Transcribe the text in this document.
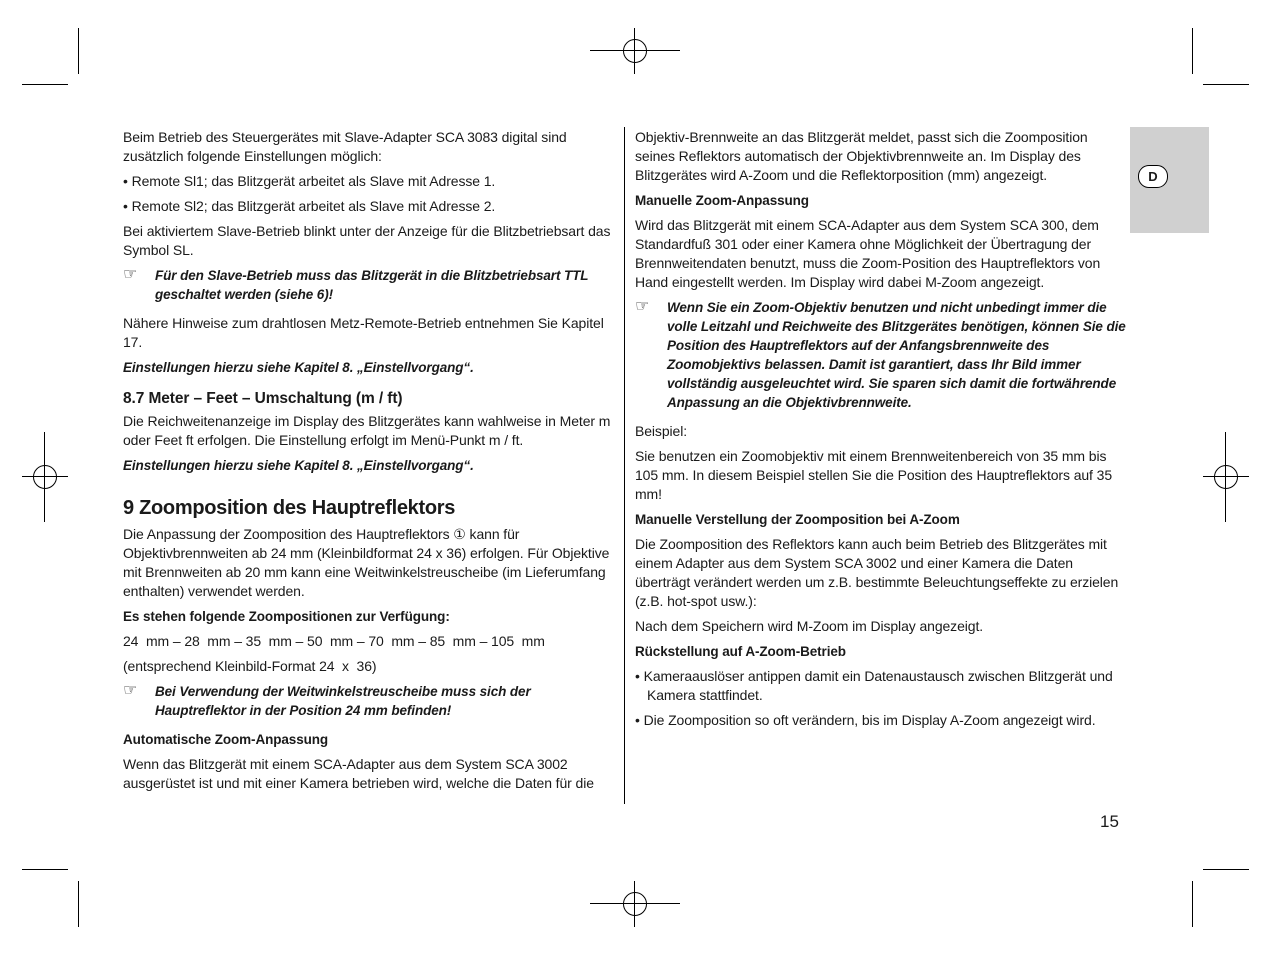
D

Beim Betrieb des Steuergerätes mit Slave-Adapter SCA 3083 digital sind zusätzlich folgende Einstellungen möglich:

• Remote Sl1; das Blitzgerät arbeitet als Slave mit Adresse 1.

• Remote Sl2; das Blitzgerät arbeitet als Slave mit Adresse 2.

Bei aktiviertem Slave-Betrieb blinkt unter der Anzeige für die Blitzbetriebsart das Symbol SL.

☞ Für den Slave-Betrieb muss das Blitzgerät in die Blitzbetriebsart TTL geschaltet werden (siehe 6)!

Nähere Hinweise zum drahtlosen Metz-Remote-Betrieb entnehmen Sie Kapitel 17.

Einstellungen hierzu siehe Kapitel 8. „Einstellvorgang“.

8.7 Meter – Feet – Umschaltung (m / ft)

Die Reichweitenanzeige im Display des Blitzgerätes kann wahlweise in Meter m oder Feet ft erfolgen. Die Einstellung erfolgt im Menü-Punkt m / ft.

Einstellungen hierzu siehe Kapitel 8. „Einstellvorgang“.

9 Zoomposition des Hauptreflektors

Die Anpassung der Zoomposition des Hauptreflektors ① kann für Objektivbrennweiten ab 24 mm (Kleinbildformat 24 x 36) erfolgen. Für Objektive mit Brennweiten ab 20 mm kann eine Weitwinkelstreuscheibe (im Lieferumfang enthalten) verwendet werden.

Es stehen folgende Zoompositionen zur Verfügung:

24  mm – 28  mm – 35  mm – 50  mm – 70  mm – 85  mm – 105  mm

(entsprechend Kleinbild-Format 24  x  36)

☞ Bei Verwendung der Weitwinkelstreuscheibe muss sich der Hauptreflektor in der Position 24 mm befinden!

Automatische Zoom-Anpassung

Wenn das Blitzgerät mit einem SCA-Adapter aus dem System SCA 3002 ausgerüstet ist und mit einer Kamera betrieben wird, welche die Daten für die

Objektiv-Brennweite an das Blitzgerät meldet, passt sich die Zoomposition seines Reflektors automatisch der Objektivbrennweite an. Im Display des Blitzgerätes wird A-Zoom und die Reflektorposition (mm) angezeigt.

Manuelle Zoom-Anpassung

Wird das Blitzgerät mit einem SCA-Adapter aus dem System SCA 300, dem Standardfuß 301 oder einer Kamera ohne Möglichkeit der Übertragung der Brennweitendaten benutzt, muss die Zoom-Position des Hauptreflektors von Hand eingestellt werden. Im Display wird dabei M-Zoom angezeigt.

☞ Wenn Sie ein Zoom-Objektiv benutzen und nicht unbedingt immer die volle Leitzahl und Reichweite des Blitzgerätes benötigen, können Sie die Position des Hauptreflektors auf der Anfangsbrennweite des Zoomobjektivs belassen. Damit ist garantiert, dass Ihr Bild immer vollständig ausgeleuchtet wird. Sie sparen sich damit die fortwährende Anpassung an die Objektivbrennweite.

Beispiel:

Sie benutzen ein Zoomobjektiv mit einem Brennweitenbereich von 35 mm bis 105 mm. In diesem Beispiel stellen Sie die Position des Hauptreflektors auf 35 mm!

Manuelle Verstellung der Zoomposition bei A-Zoom

Die Zoomposition des Reflektors kann auch beim Betrieb des Blitzgerätes mit einem Adapter aus dem System SCA 3002 und einer Kamera die Daten überträgt verändert werden um z.B. bestimmte Beleuchtungseffekte zu erzielen (z.B. hot-spot usw.):

Nach dem Speichern wird M-Zoom im Display angezeigt.

Rückstellung auf A-Zoom-Betrieb

• Kameraauslöser antippen damit ein Datenaustausch zwischen Blitzgerät und Kamera stattfindet.

• Die Zoomposition so oft verändern, bis im Display A-Zoom angezeigt wird.

15
